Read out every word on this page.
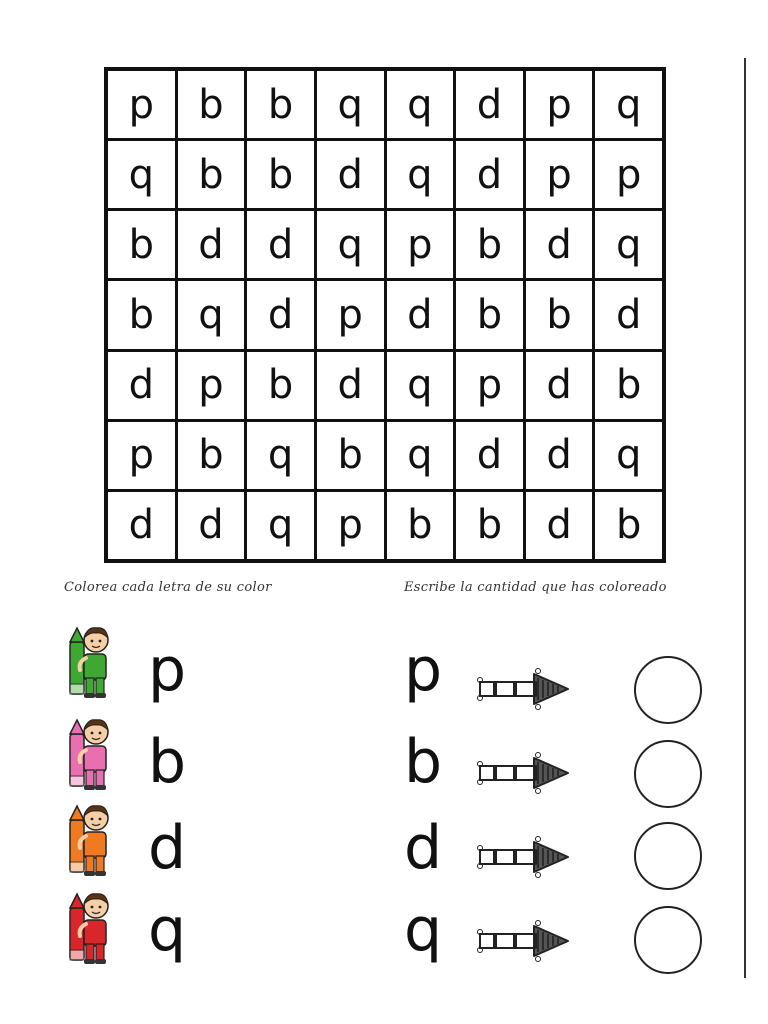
p	b	b	q	q	d	p	q
q	b	b	d	q	d	p	p
b	d	d	q	p	b	d	q
b	q	d	p	d	b	b	d
d	p	b	d	q	p	d	b
p	b	q	b	q	d	d	q
d	d	q	p	b	b	d	b
Colorea cada letra de su color	Escribe la cantidad que has coloreado
p	p
b	b
d	d
q	q
